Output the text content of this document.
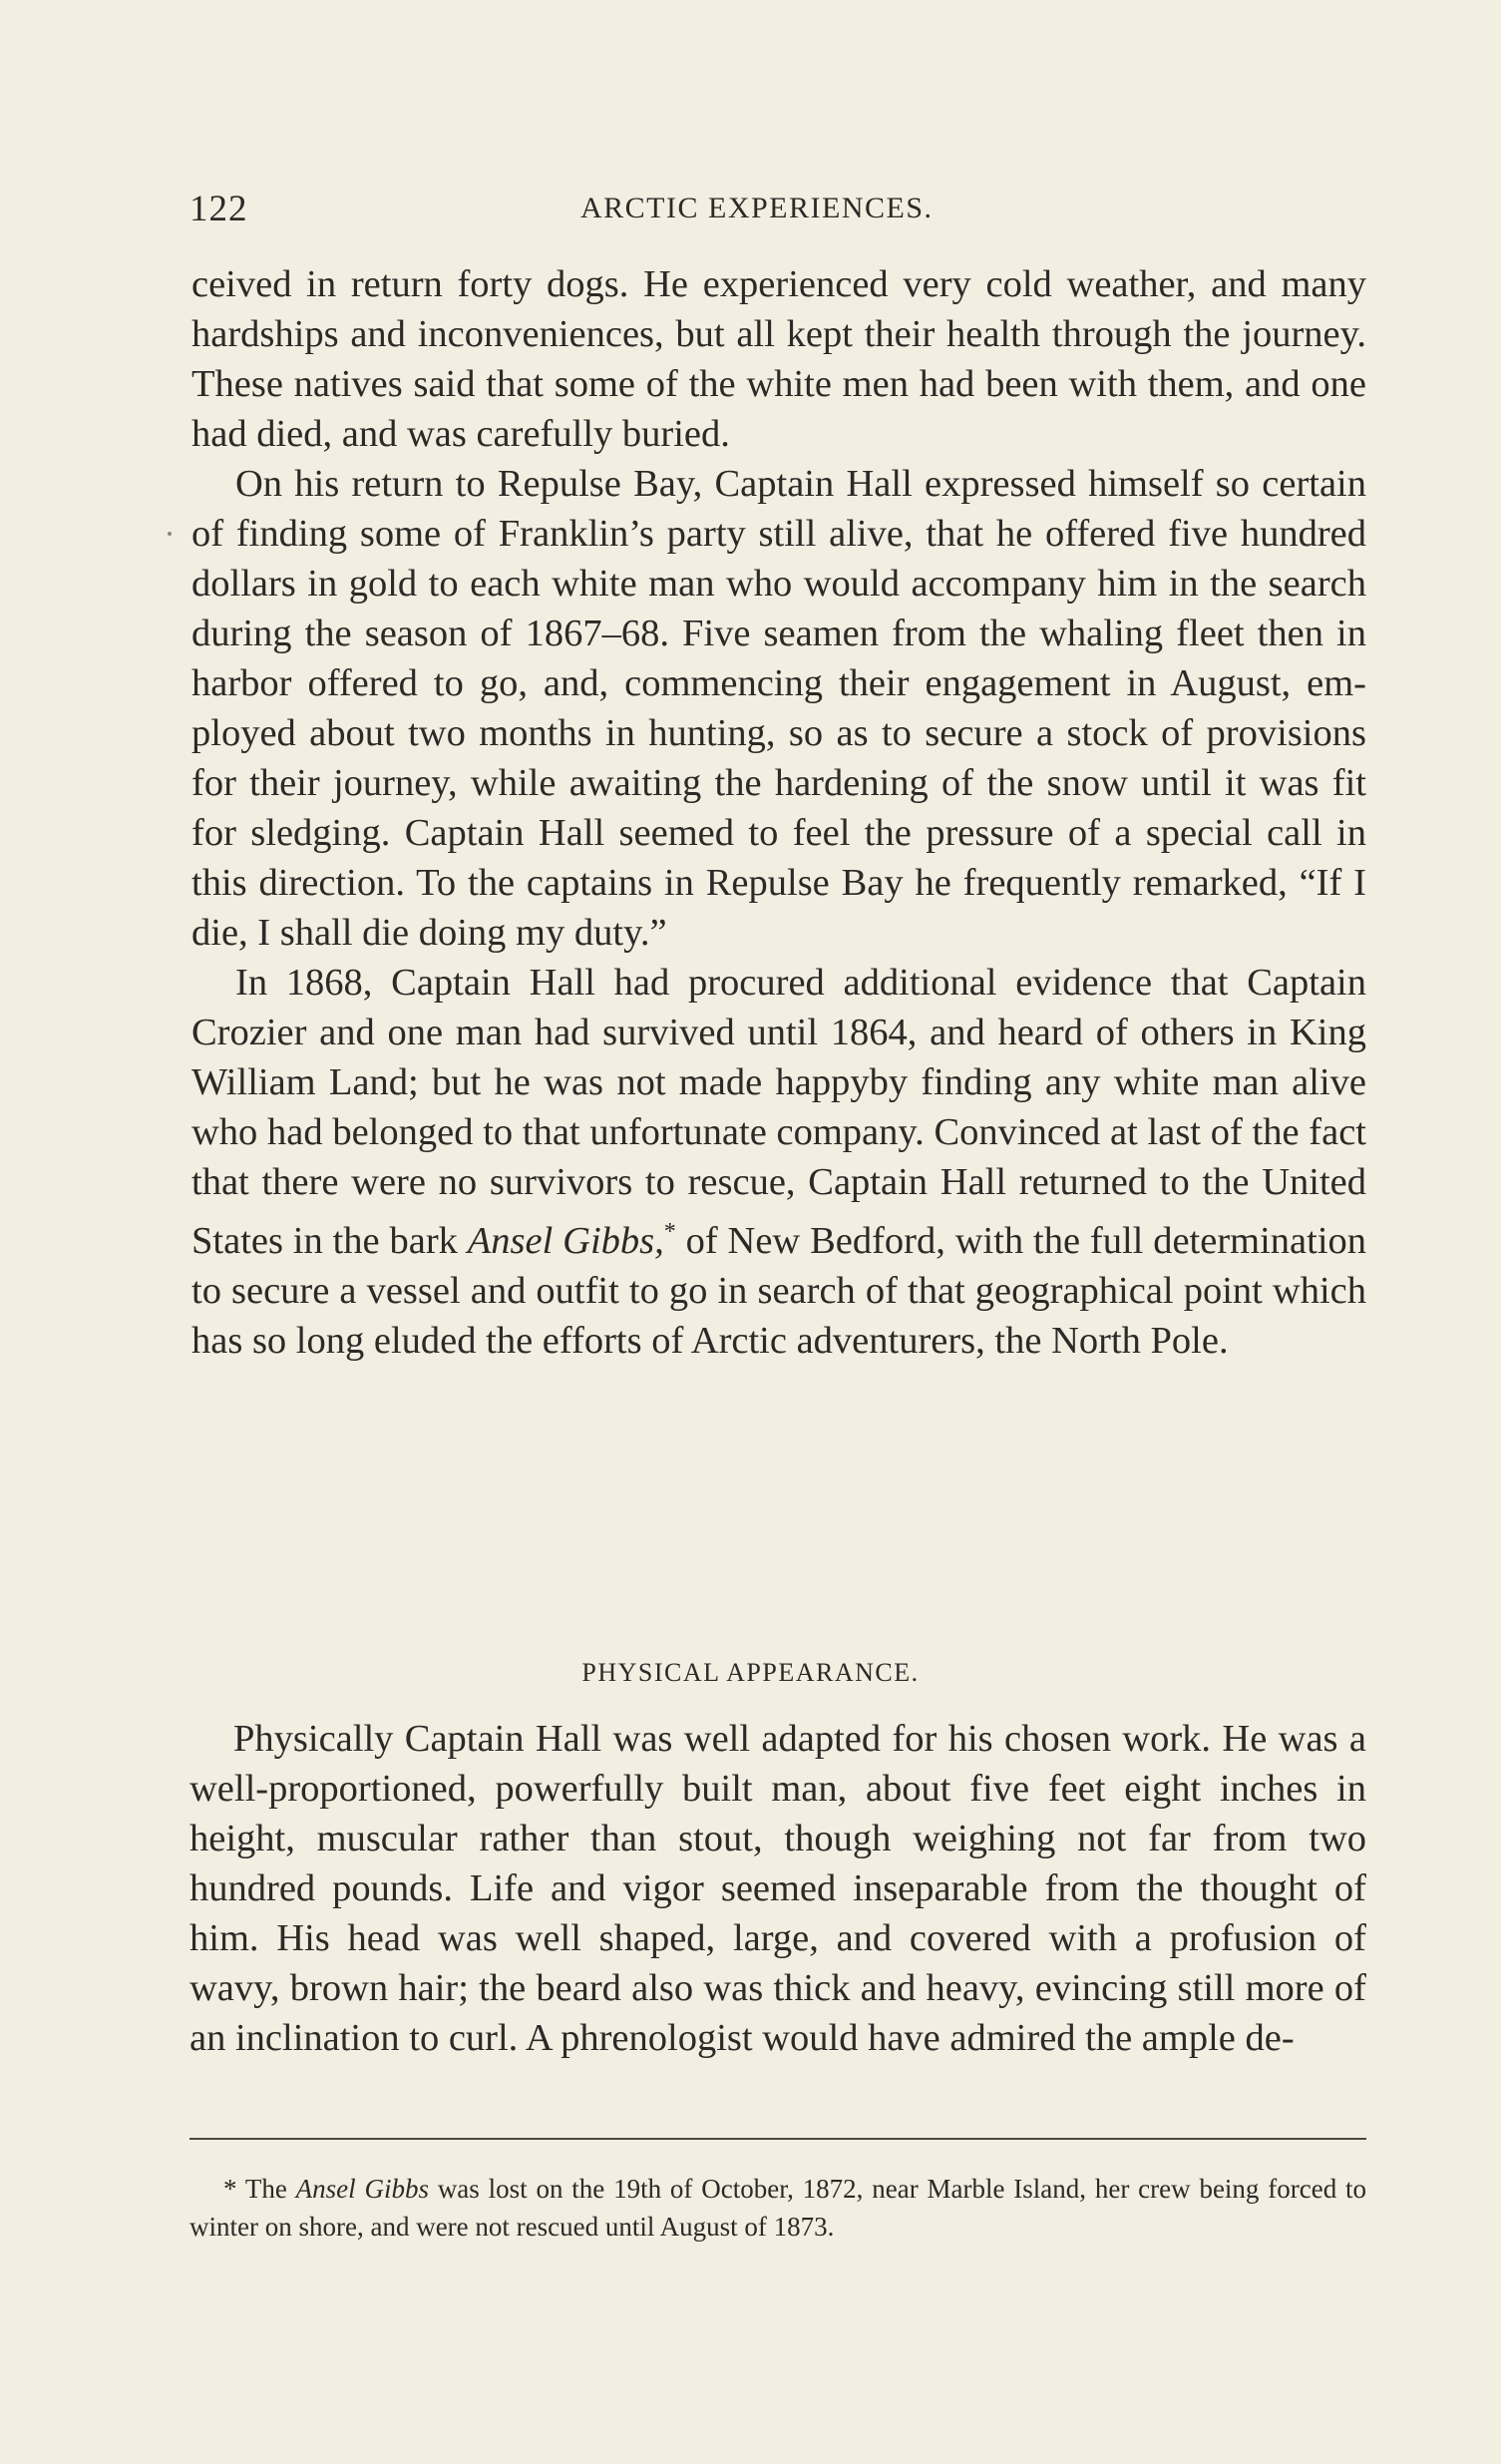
122	ARCTIC EXPERIENCES.

ceived in return forty dogs. He experienced very cold weather, and many hardships and inconveniences, but all kept their health through the journey. These natives said that some of the white men had been with them, and one had died, and was carefully buried.

On his return to Repulse Bay, Captain Hall expressed himself so certain of finding some of Franklin’s party still alive, that he offered five hundred dollars in gold to each white man who would accompany him in the search during the season of 1867–68. Five seamen from the whaling fleet then in harbor offered to go, and, commencing their engagement in August, employed about two months in hunting, so as to secure a stock of provisions for their journey, while awaiting the hardening of the snow until it was fit for sledging. Captain Hall seemed to feel the pressure of a special call in this direction. To the captains in Repulse Bay he frequently remarked, “If I die, I shall die doing my duty.”

In 1868, Captain Hall had procured additional evidence that Captain Crozier and one man had survived until 1864, and heard of others in King William Land; but he was not made happyby finding any white man alive who had belonged to that unfortunate company. Convinced at last of the fact that there were no survivors to rescue, Captain Hall returned to the United States in the bark Ansel Gibbs,* of New Bedford, with the full determination to secure a vessel and outfit to go in search of that geographical point which has so long eluded the efforts of Arctic adventurers, the North Pole.

PHYSICAL APPEARANCE.

Physically Captain Hall was well adapted for his chosen work. He was a well-proportioned, powerfully built man, about five feet eight inches in height, muscular rather than stout, though weighing not far from two hundred pounds. Life and vigor seemed inseparable from the thought of him. His head was well shaped, large, and covered with a profusion of wavy, brown hair; the beard also was thick and heavy, evincing still more of an inclination to curl. A phrenologist would have admired the ample de-

* The Ansel Gibbs was lost on the 19th of October, 1872, near Marble Island, her crew being forced to winter on shore, and were not rescued until August of 1873.
